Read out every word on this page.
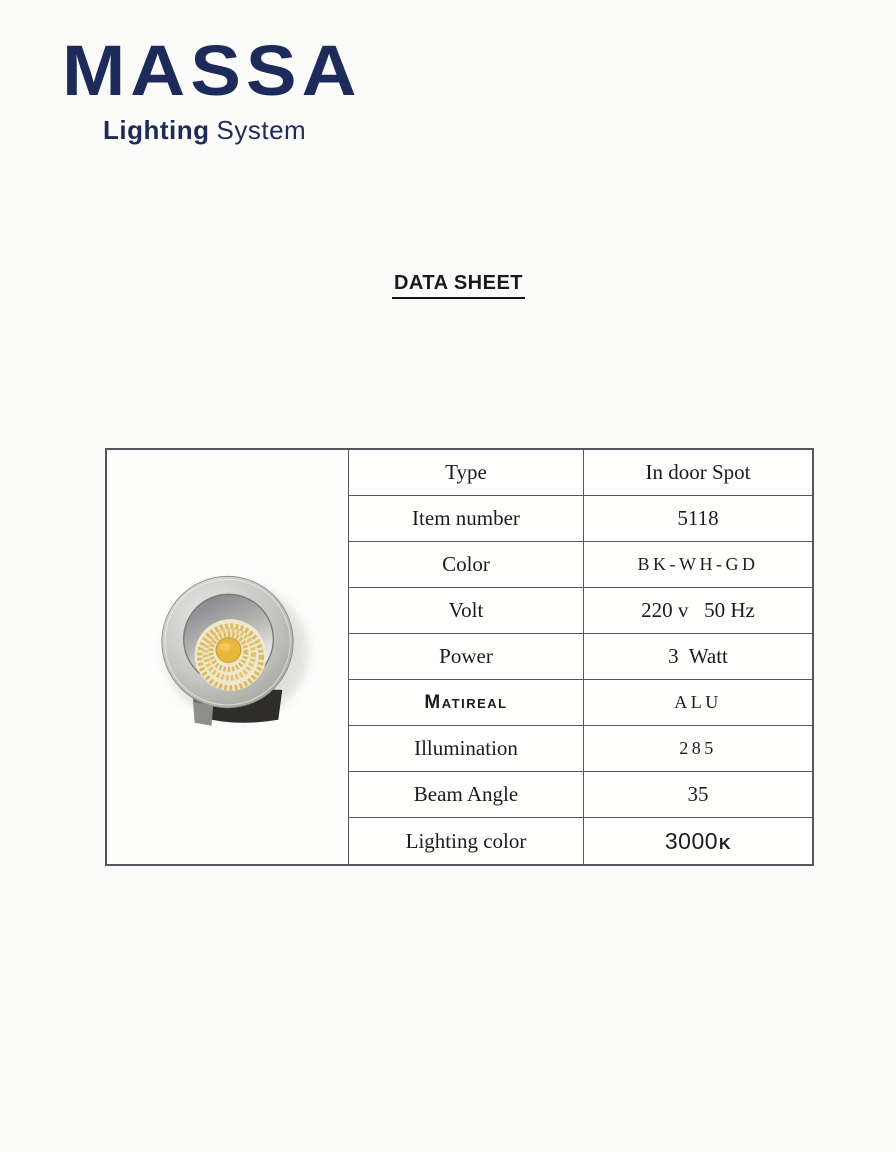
MASSA
Lighting System
DATA SHEET
Type	In door Spot
Item number	5118
Color	BK-WH-GD
Volt	220 v   50 Hz
Power	3  Watt
Matireal	ALU
Illumination	285
Beam Angle	35
Lighting color	3000K
